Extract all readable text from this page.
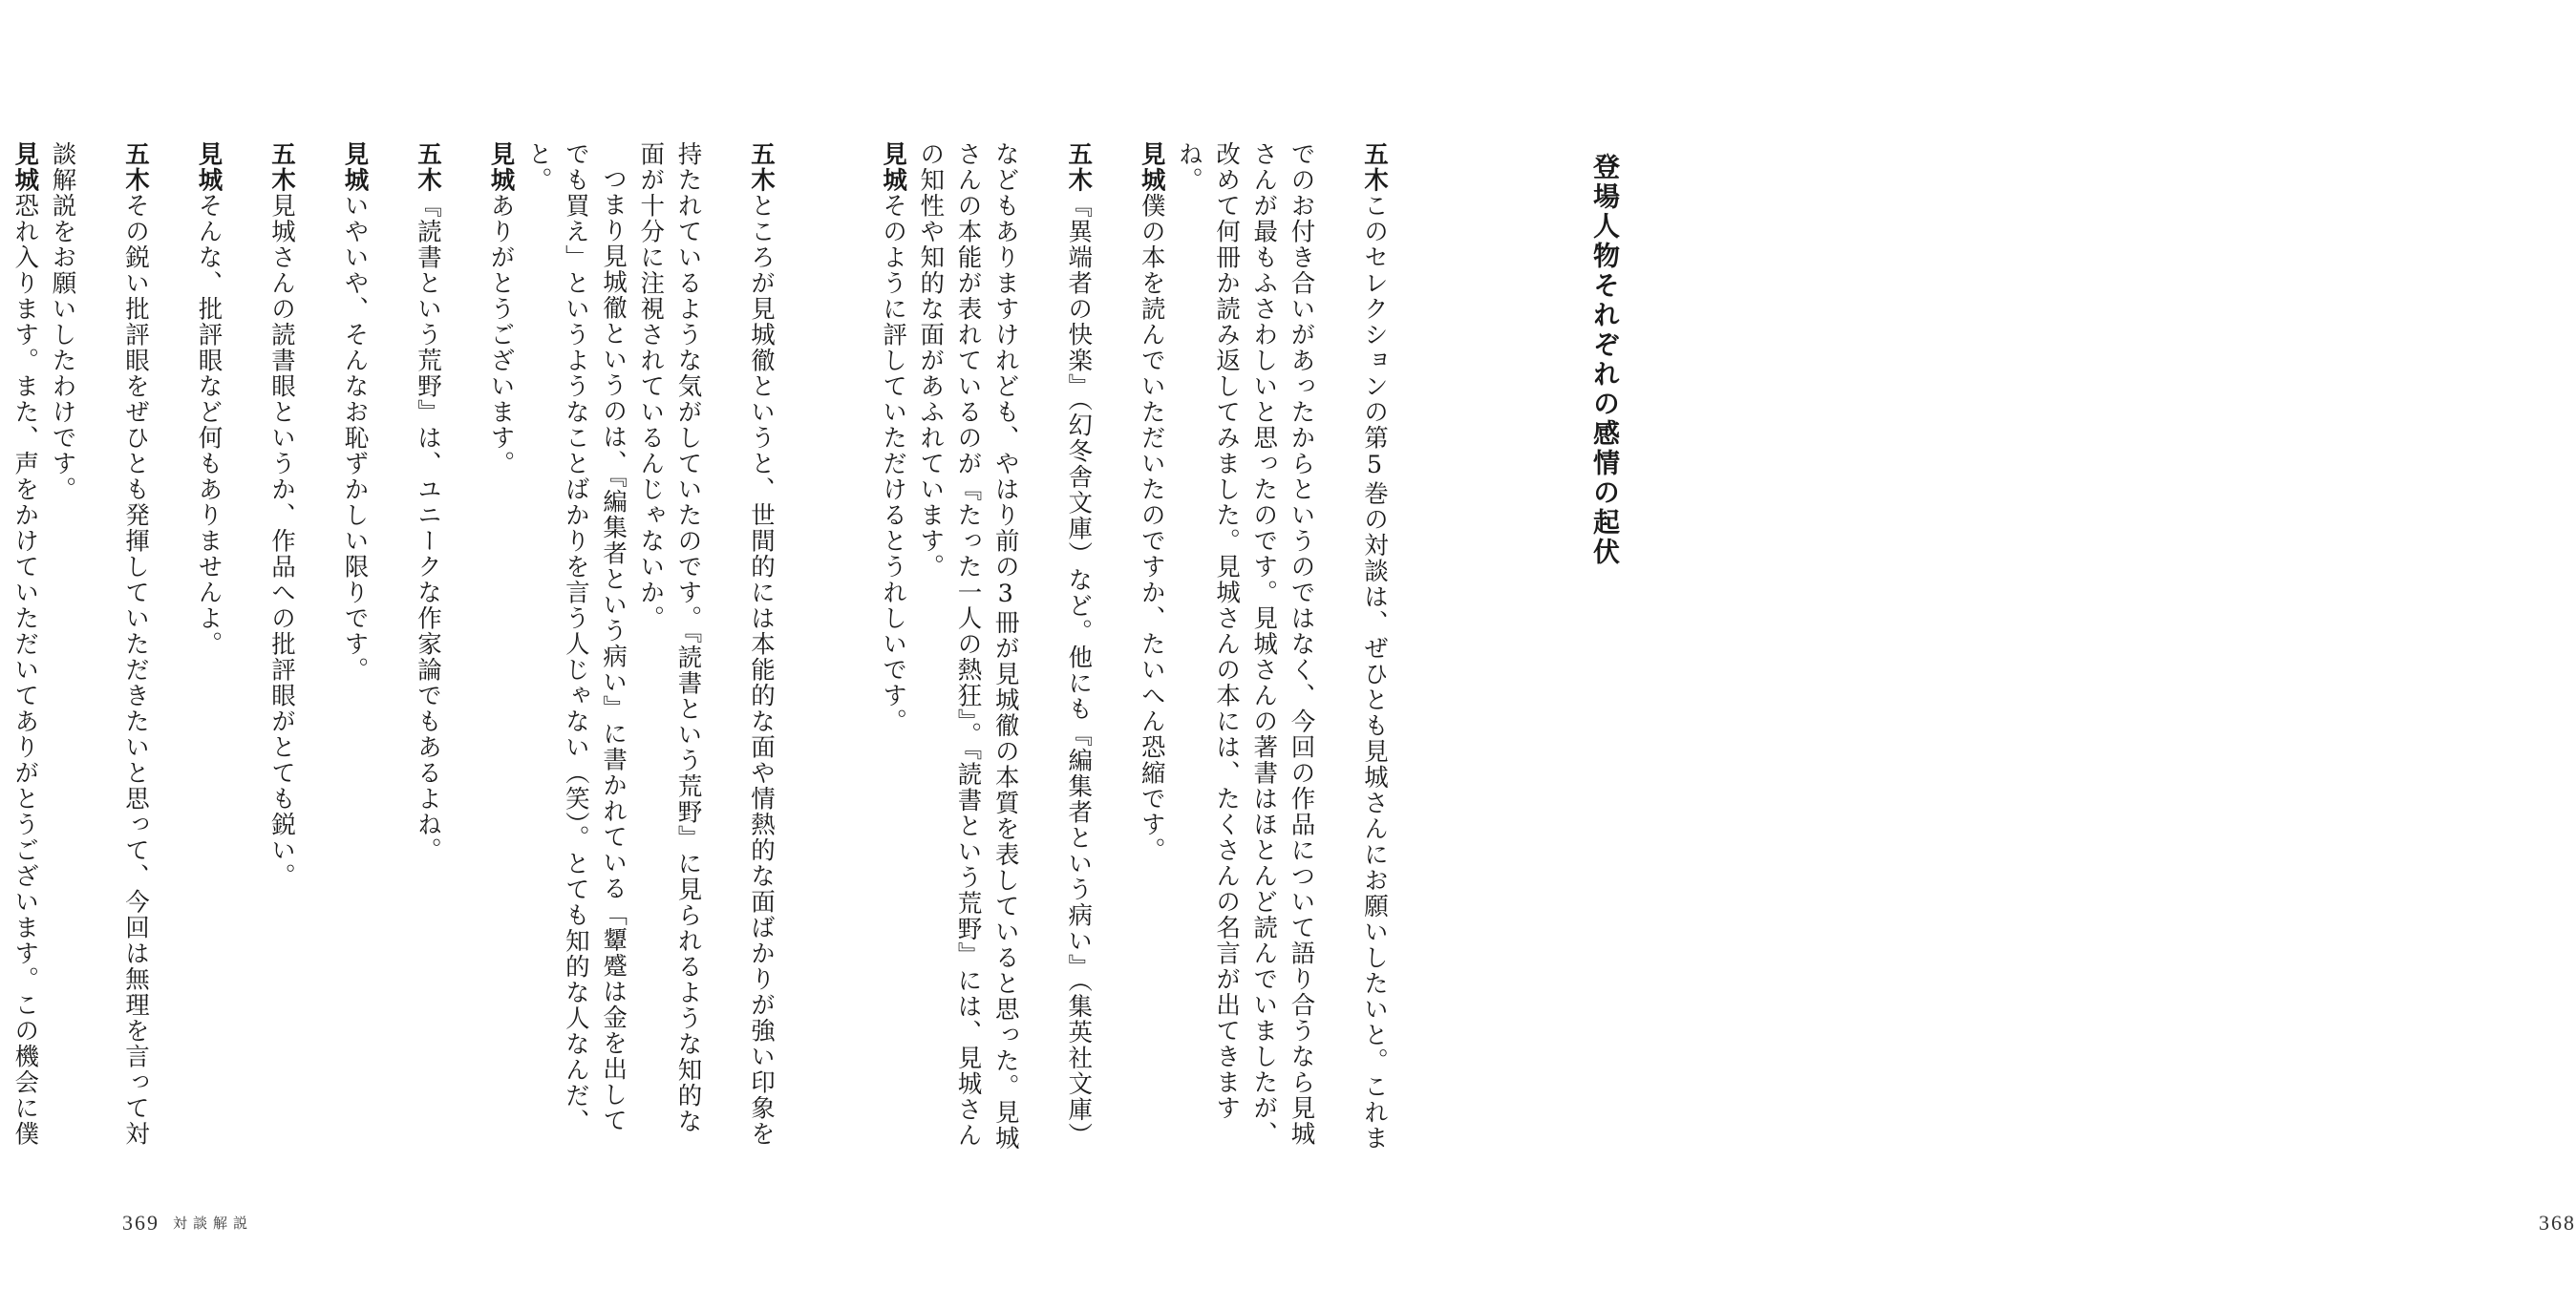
五木ところが見城徹というと、世間的には本能的な面や情熱的な面ばかりが強い印象を持たれているような気がしていたのです。『読書という荒野』に見られるような知的な面が十分に注視されているんじゃないか。
つまり見城徹というのは、『編集者という病い』に書かれている「顰蹙は金を出してでも買え」というようなことばかりを言う人じゃない（笑）。とても知的な人なんだ、と。
見城ありがとうございます。
五木『読書という荒野』は、ユニークな作家論でもあるよね。
見城いやいや、そんなお恥ずかしい限りです。
五木見城さんの読書眼というか、作品への批評眼がとても鋭い。
見城そんな、批評眼など何もありませんよ。
五木その鋭い批評眼をぜひとも発揮していただきたいと思って、今回は無理を言って対談解説をお願いしたわけです。
見城恐れ入ります。また、声をかけていただいてありがとうございます。この機会に僕
369 対談解説
登場人物それぞれの感情の起伏
五木このセレクションの第5巻の対談は、ぜひとも見城さんにお願いしたいと。これまでのお付き合いがあったからというのではなく、今回の作品について語り合うなら見城さんが最もふさわしいと思ったのです。見城さんの著書はほとんど読んでいましたが、改めて何冊か読み返してみました。見城さんの本には、たくさんの名言が出てきますね。
見城僕の本を読んでいただいたのですか、たいへん恐縮です。
五木『異端者の快楽』（幻冬舎文庫）など。他にも『編集者という病い』（集英社文庫）などもありますけれども、やはり前の3冊が見城徹の本質を表していると思った。見城さんの本能が表れているのが『たった一人の熱狂』。『読書という荒野』には、見城さんの知性や知的な面があふれています。
見城そのように評していただけるとうれしいです。
368
